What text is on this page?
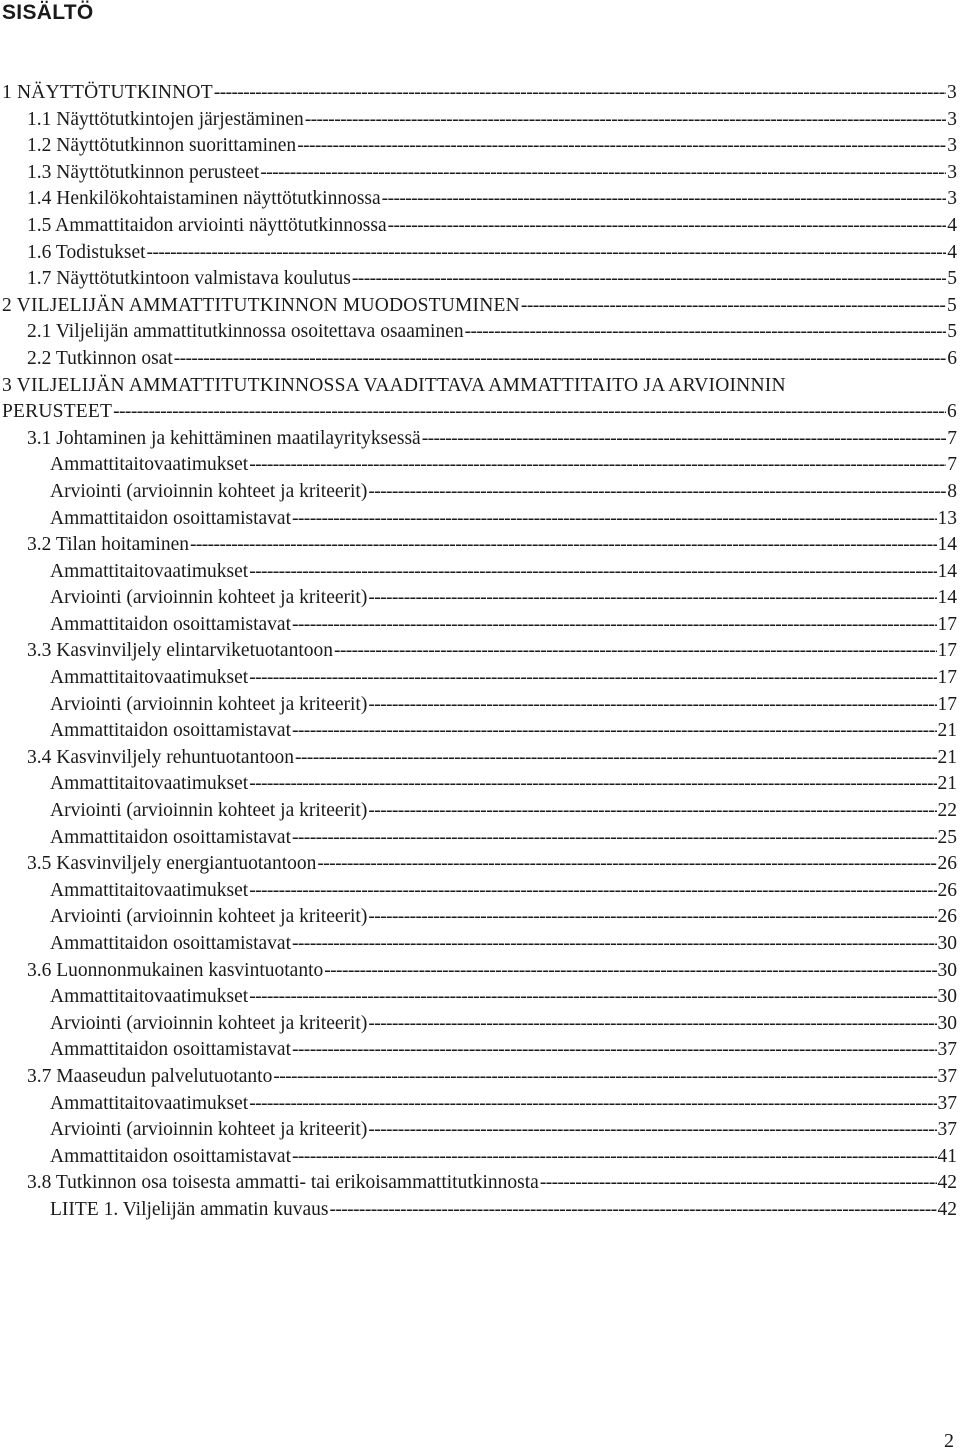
SISÄLTÖ
1 NÄYTTÖTUTKINNOT -----	3
1.1 Näyttötutkintojen järjestäminen -----	3
1.2 Näyttötutkinnon suorittaminen -----	3
1.3 Näyttötutkinnon perusteet -----	3
1.4 Henkilökohtaistaminen näyttötutkinnossa -----	3
1.5 Ammattitaidon arviointi näyttötutkinnossa -----	4
1.6 Todistukset -----	4
1.7 Näyttötutkintoon valmistava koulutus -----	5
2 VILJELIJÄN AMMATTITUTKINNON MUODOSTUMINEN -----	5
2.1 Viljelijän ammattitutkinnossa osoitettava osaaminen -----	5
2.2 Tutkinnon osat -----	6
3 VILJELIJÄN AMMATTITUTKINNOSSA VAADITTAVA AMMATTITAITO JA ARVIOINNIN
PERUSTEET -----	6
3.1 Johtaminen ja kehittäminen maatilayrityksessä -----	7
Ammattitaitovaatimukset -----	7
Arviointi (arvioinnin kohteet ja kriteerit) -----	8
Ammattitaidon osoittamistavat -----	13
3.2 Tilan hoitaminen -----	14
Ammattitaitovaatimukset -----	14
Arviointi (arvioinnin kohteet ja kriteerit) -----	14
Ammattitaidon osoittamistavat -----	17
3.3 Kasvinviljely elintarviketuotantoon -----	17
Ammattitaitovaatimukset -----	17
Arviointi (arvioinnin kohteet ja kriteerit) -----	17
Ammattitaidon osoittamistavat -----	21
3.4 Kasvinviljely rehuntuotantoon -----	21
Ammattitaitovaatimukset -----	21
Arviointi (arvioinnin kohteet ja kriteerit) -----	22
Ammattitaidon osoittamistavat -----	25
3.5 Kasvinviljely energiantuotantoon -----	26
Ammattitaitovaatimukset -----	26
Arviointi (arvioinnin kohteet ja kriteerit) -----	26
Ammattitaidon osoittamistavat -----	30
3.6 Luonnonmukainen kasvintuotanto -----	30
Ammattitaitovaatimukset -----	30
Arviointi (arvioinnin kohteet ja kriteerit) -----	30
Ammattitaidon osoittamistavat -----	37
3.7 Maaseudun palvelutuotanto -----	37
Ammattitaitovaatimukset -----	37
Arviointi (arvioinnin kohteet ja kriteerit) -----	37
Ammattitaidon osoittamistavat -----	41
3.8 Tutkinnon osa toisesta ammatti- tai erikoisammattitutkinnosta -----	42
LIITE 1. Viljelijän ammatin kuvaus -----	42
2
